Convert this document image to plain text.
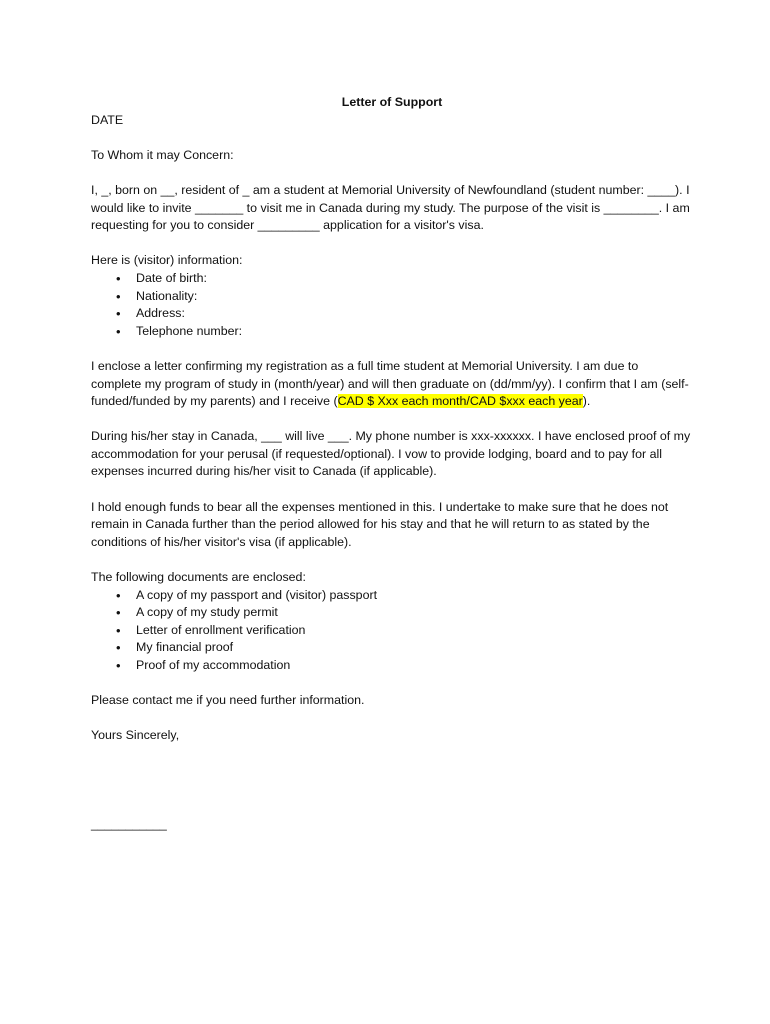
Letter of Support

DATE

To Whom it may Concern:

I, _, born on __, resident of _ am a student at Memorial University of Newfoundland (student number: ____). I would like to invite _______ to visit me in Canada during my study. The purpose of the visit is ________. I am requesting for you to consider _________ application for a visitor's visa.

Here is (visitor) information:
• Date of birth:
• Nationality:
• Address:
• Telephone number:

I enclose a letter confirming my registration as a full time student at Memorial University. I am due to complete my program of study in (month/year) and will then graduate on (dd/mm/yy). I confirm that I am (self-funded/funded by my parents) and I receive (CAD $ Xxx each month/CAD $xxx each year).

During his/her stay in Canada, ___ will live ___. My phone number is xxx-xxxxxx. I have enclosed proof of my accommodation for your perusal (if requested/optional). I vow to provide lodging, board and to pay for all expenses incurred during his/her visit to Canada (if applicable).

I hold enough funds to bear all the expenses mentioned in this. I undertake to make sure that he does not remain in Canada further than the period allowed for his stay and that he will return to as stated by the conditions of his/her visitor's visa (if applicable).

The following documents are enclosed:
• A copy of my passport and (visitor) passport
• A copy of my study permit
• Letter of enrollment verification
• My financial proof
• Proof of my accommodation

Please contact me if you need further information.

Yours Sincerely,

___________
